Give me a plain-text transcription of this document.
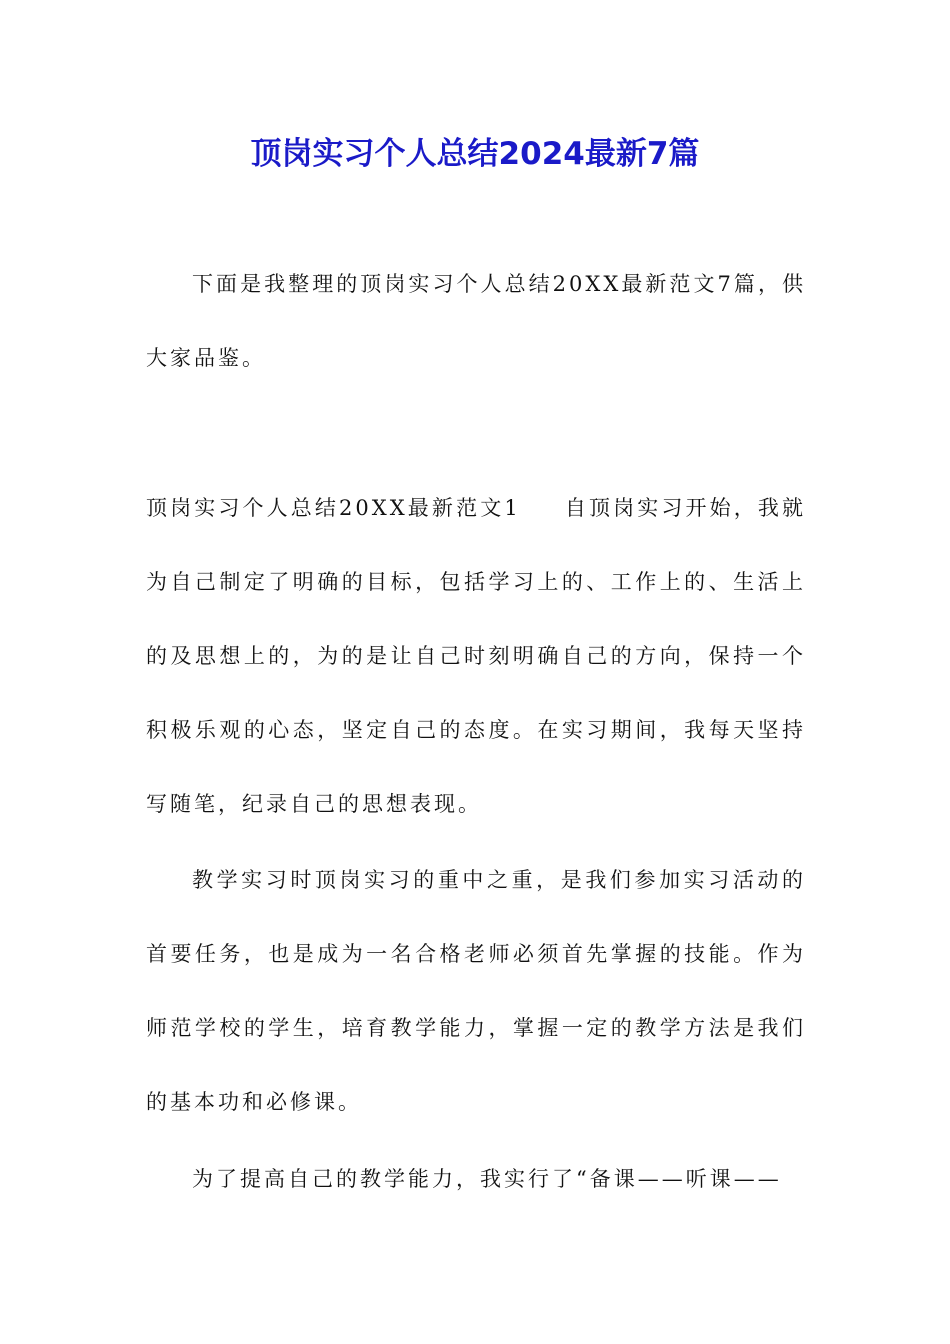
顶岗实习个人总结2024最新7篇

下面是我整理的顶岗实习个人总结20XX最新范文7篇，供大家品鉴。

顶岗实习个人总结20XX最新范文1 自顶岗实习开始，我就为自己制定了明确的目标，包括学习上的、工作上的、生活上的及思想上的，为的是让自己时刻明确自己的方向，保持一个积极乐观的心态，坚定自己的态度。在实习期间，我每天坚持写随笔，纪录自己的思想表现。

教学实习时顶岗实习的重中之重，是我们参加实习活动的首要任务，也是成为一名合格老师必须首先掌握的技能。作为师范学校的学生，培育教学能力，掌握一定的教学方法是我们的基本功和必修课。

为了提高自己的教学能力，我实行了“备课——听课——
